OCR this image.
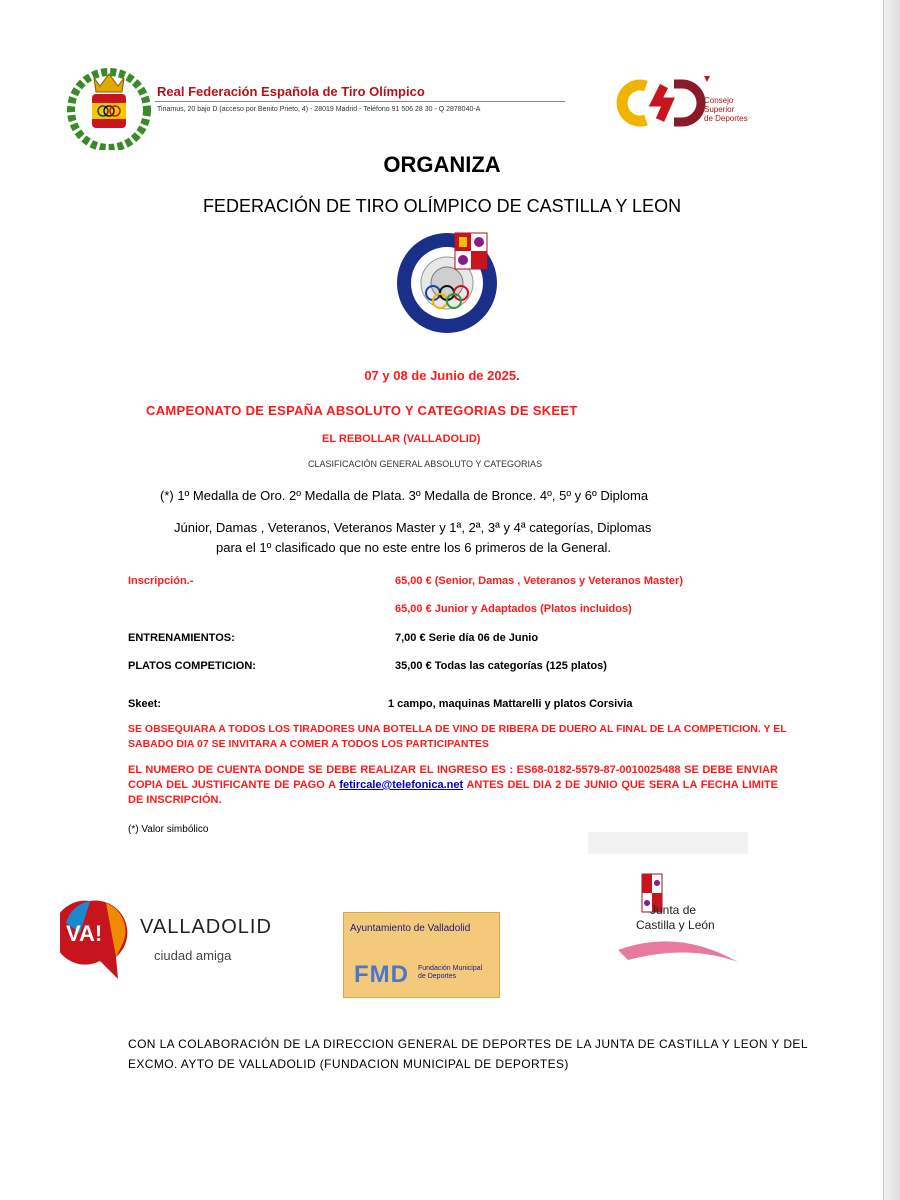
Real Federación Española de Tiro Olímpico
Tinamus, 20 bajo D (acceso por Benito Prieto, 4) - 28019 Madrid - Teléfono 91 506 28 30 - Q 2878040-A
Consejo
Superior
de Deportes
ORGANIZA
FEDERACIÓN DE TIRO OLÍMPICO DE CASTILLA Y LEON
07 y 08 de Junio de 2025.
CAMPEONATO DE ESPAÑA ABSOLUTO Y CATEGORIAS DE SKEET
EL REBOLLAR (VALLADOLID)
CLASIFICACIÓN GENERAL ABSOLUTO Y CATEGORIAS
(*) 1º Medalla de Oro. 2º Medalla de Plata. 3º Medalla de Bronce. 4º, 5º y 6º Diploma
Júnior, Damas , Veteranos, Veteranos Master y 1ª, 2ª, 3ª y 4ª categorías, Diplomas
para el 1º clasificado que no este entre los 6 primeros de la General.
Inscripción.-	65,00 € (Senior, Damas , Veteranos y Veteranos Master)
65,00 € Junior y Adaptados (Platos incluidos)
ENTRENAMIENTOS:	7,00 € Serie día 06 de Junio
PLATOS COMPETICION:	35,00 € Todas las categorías (125 platos)
Skeet:	1 campo, maquinas Mattarelli y platos Corsivia
SE OBSEQUIARA A TODOS LOS TIRADORES UNA BOTELLA DE VINO DE RIBERA DE DUERO AL FINAL DE LA COMPETICION. Y EL SABADO DIA 07 SE INVITARA A COMER A TODOS LOS PARTICIPANTES
EL NUMERO DE CUENTA DONDE SE DEBE REALIZAR EL INGRESO ES : ES68-0182-5579-87-0010025488 SE DEBE ENVIAR COPIA DEL JUSTIFICANTE DE PAGO A fetircale@telefonica.net ANTES DEL DIA 2 DE JUNIO QUE SERA LA FECHA LIMITE DE INSCRIPCIÓN.
(*) Valor simbólico
VA! VALLADOLID
ciudad amiga
Ayuntamiento de Valladolid
FMD Fundación Municipal
de Deportes
Junta de
Castilla y León
CON LA COLABORACIÓN DE LA DIRECCION GENERAL DE DEPORTES DE LA JUNTA DE CASTILLA Y LEON Y DEL EXCMO. AYTO DE VALLADOLID (FUNDACION MUNICIPAL DE DEPORTES)
